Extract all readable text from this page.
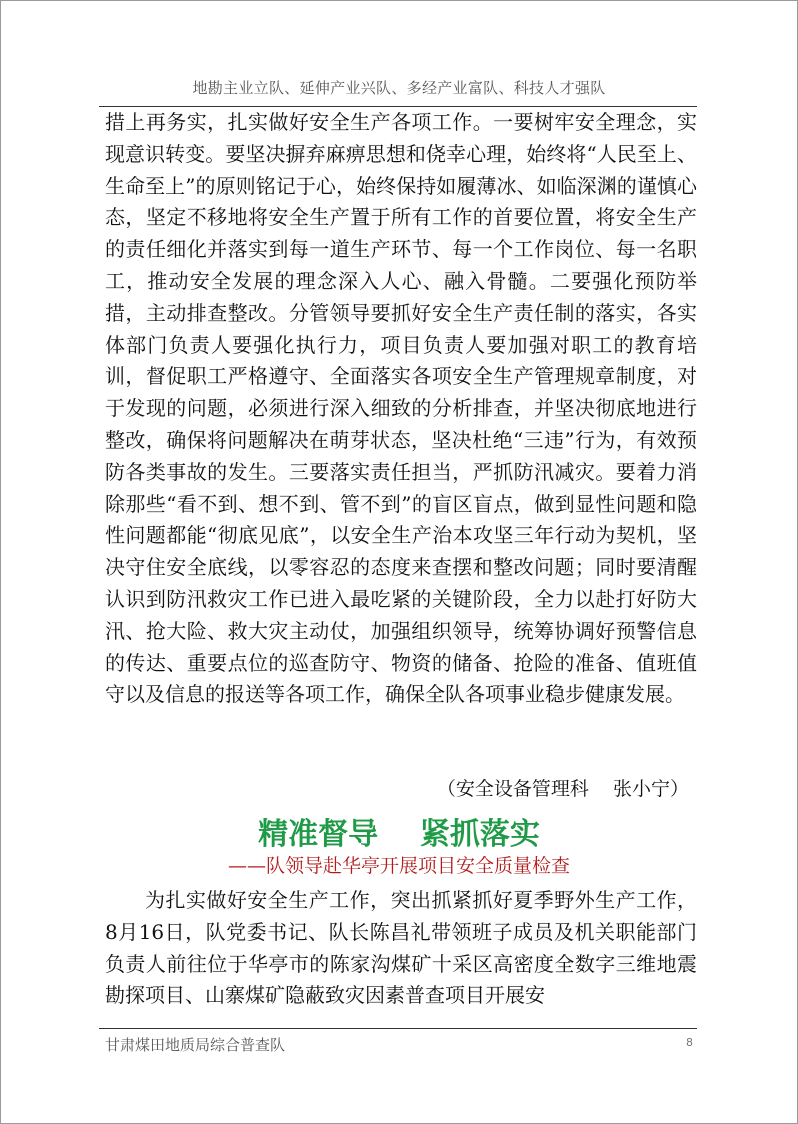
地勘主业立队、延伸产业兴队、多经产业富队、科技人才强队

措上再务实，扎实做好安全生产各项工作。一要树牢安全理念，实现意识转变。要坚决摒弃麻痹思想和侥幸心理，始终将“人民至上、生命至上”的原则铭记于心，始终保持如履薄冰、如临深渊的谨慎心态，坚定不移地将安全生产置于所有工作的首要位置，将安全生产的责任细化并落实到每一道生产环节、每一个工作岗位、每一名职工，推动安全发展的理念深入人心、融入骨髓。二要强化预防举措，主动排查整改。分管领导要抓好安全生产责任制的落实，各实体部门负责人要强化执行力，项目负责人要加强对职工的教育培训，督促职工严格遵守、全面落实各项安全生产管理规章制度，对于发现的问题，必须进行深入细致的分析排查，并坚决彻底地进行整改，确保将问题解决在萌芽状态，坚决杜绝“三违”行为，有效预防各类事故的发生。三要落实责任担当，严抓防汛减灾。要着力消除那些“看不到、想不到、管不到”的盲区盲点，做到显性问题和隐性问题都能“彻底见底”，以安全生产治本攻坚三年行动为契机，坚决守住安全底线，以零容忍的态度来查摆和整改问题；同时要清醒认识到防汛救灾工作已进入最吃紧的关键阶段，全力以赴打好防大汛、抢大险、救大灾主动仗，加强组织领导，统筹协调好预警信息的传达、重要点位的巡查防守、物资的储备、抢险的准备、值班值守以及信息的报送等各项工作，确保全队各项事业稳步健康发展。

（安全设备管理科    张小宁）
精准督导    紧抓落实
——队领导赴华亭开展项目安全质量检查

为扎实做好安全生产工作，突出抓紧抓好夏季野外生产工作，8月16日，队党委书记、队长陈昌礼带领班子成员及机关职能部门负责人前往位于华亭市的陈家沟煤矿十采区高密度全数字三维地震勘探项目、山寨煤矿隐蔽致灾因素普查项目开展安

甘肃煤田地质局综合普查队	8
